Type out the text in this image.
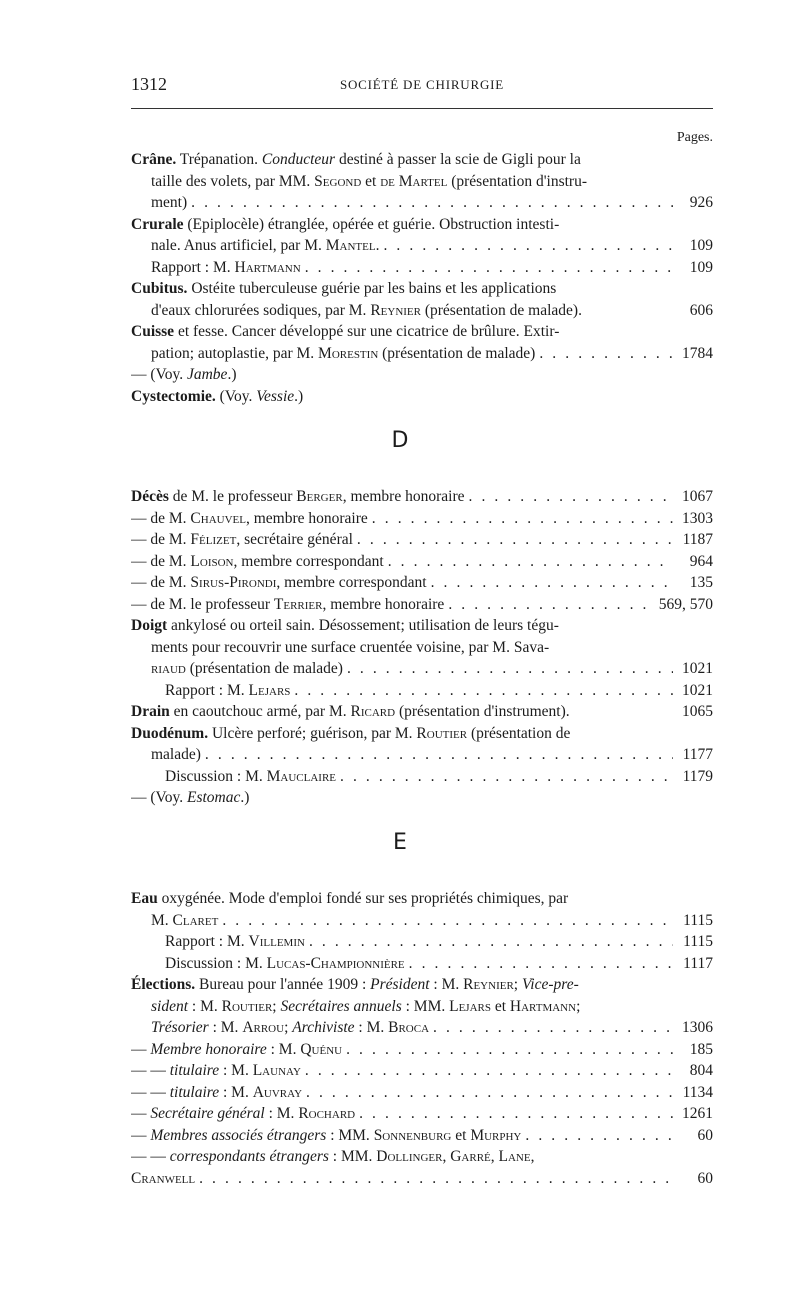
1312	SOCIÉTÉ DE CHIRURGIE
Pages.
Crâne. Trépanation. Conducteur destiné à passer la scie de Gigli pour la
taille des volets, par MM. Segond et de Martel (présentation d'instru-
ment) . . .	926
Crurale (Epiplocèle) étranglée, opérée et guérie. Obstruction intesti-
nale. Anus artificiel, par M. Mantel. . . .	109
Rapport : M. Hartmann . . .	109
Cubitus. Ostéite tuberculeuse guérie par les bains et les applications
d'eaux chlorurées sodiques, par M. Reynier (présentation de malade).	606
Cuisse et fesse. Cancer développé sur une cicatrice de brûlure. Extir-
pation; autoplastie, par M. Morestin (présentation de malade) . . .	1784
— (Voy. Jambe.)
Cystectomie. (Voy. Vessie.)
D
Décès de M. le professeur Berger, membre honoraire . . .	1067
— de M. Chauvel, membre honoraire . . .	1303
— de M. Félizet, secrétaire général . . .	1187
— de M. Loison, membre correspondant . . .	964
— de M. Sirus-Pirondi, membre correspondant . . .	135
— de M. le professeur Terrier, membre honoraire . . .	569, 570
Doigt ankylosé ou orteil sain. Désossement; utilisation de leurs tégu-
ments pour recouvrir une surface cruentée voisine, par M. Sava-
riaud (présentation de malade) . . .	1021
Rapport : M. Lejars . . .	1021
Drain en caoutchouc armé, par M. Ricard (présentation d'instrument).	1065
Duodénum. Ulcère perforé; guérison, par M. Routier (présentation de
malade) . . .	1177
Discussion : M. Mauclaire . . .	1179
— (Voy. Estomac.)
E
Eau oxygénée. Mode d'emploi fondé sur ses propriétés chimiques, par
M. Claret . . .	1115
Rapport : M. Villemin . . .	1115
Discussion : M. Lucas-Championnière . . .	1117
Élections. Bureau pour l'année 1909 : Président : M. Reynier; Vice-pre-
sident : M. Routier; Secrétaires annuels : MM. Lejars et Hartmann;
Trésorier : M. Arrou; Archiviste : M. Broca . . .	1306
— Membre honoraire : M. Quénu . . .	185
— — titulaire : M. Launay . . .	804
— — titulaire : M. Auvray . . .	1134
— Secrétaire général : M. Rochard . . .	1261
— Membres associés étrangers : MM. Sonnenburg et Murphy . . .	60
— — correspondants étrangers : MM. Dollinger, Garré, Lane,
Cranwell . . .	60
